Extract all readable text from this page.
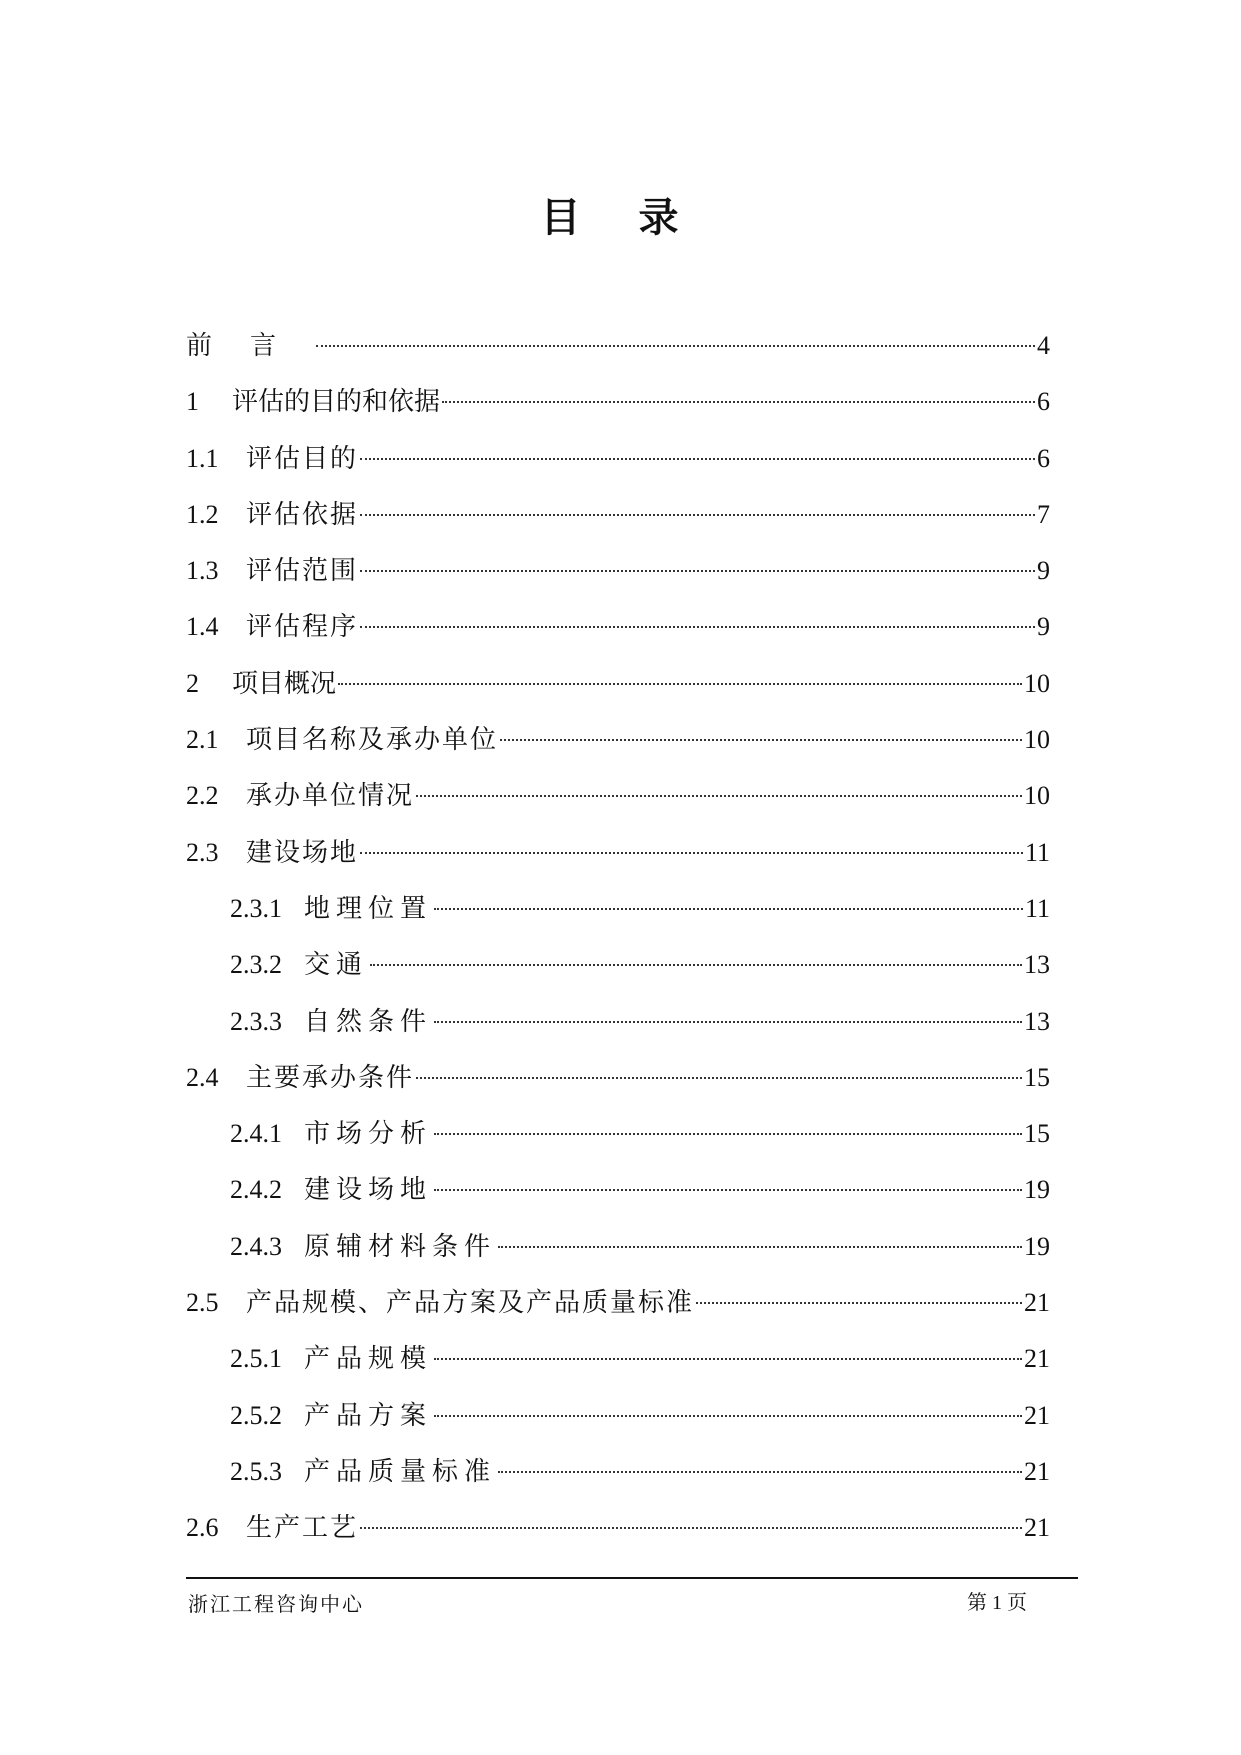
目 录
前言	4
1	评估的目的和依据	6
1.1	评估目的	6
1.2	评估依据	7
1.3	评估范围	9
1.4	评估程序	9
2	项目概况	10
2.1	项目名称及承办单位	10
2.2	承办单位情况	10
2.3	建设场地	11
2.3.1 地理位置	11
2.3.2 交通	13
2.3.3 自然条件	13
2.4	主要承办条件	15
2.4.1 市场分析	15
2.4.2 建设场地	19
2.4.3 原辅材料条件	19
2.5	产品规模、产品方案及产品质量标准	21
2.5.1 产品规模	21
2.5.2 产品方案	21
2.5.3 产品质量标准	21
2.6	生产工艺	21
浙江工程咨询中心	第 1 页
